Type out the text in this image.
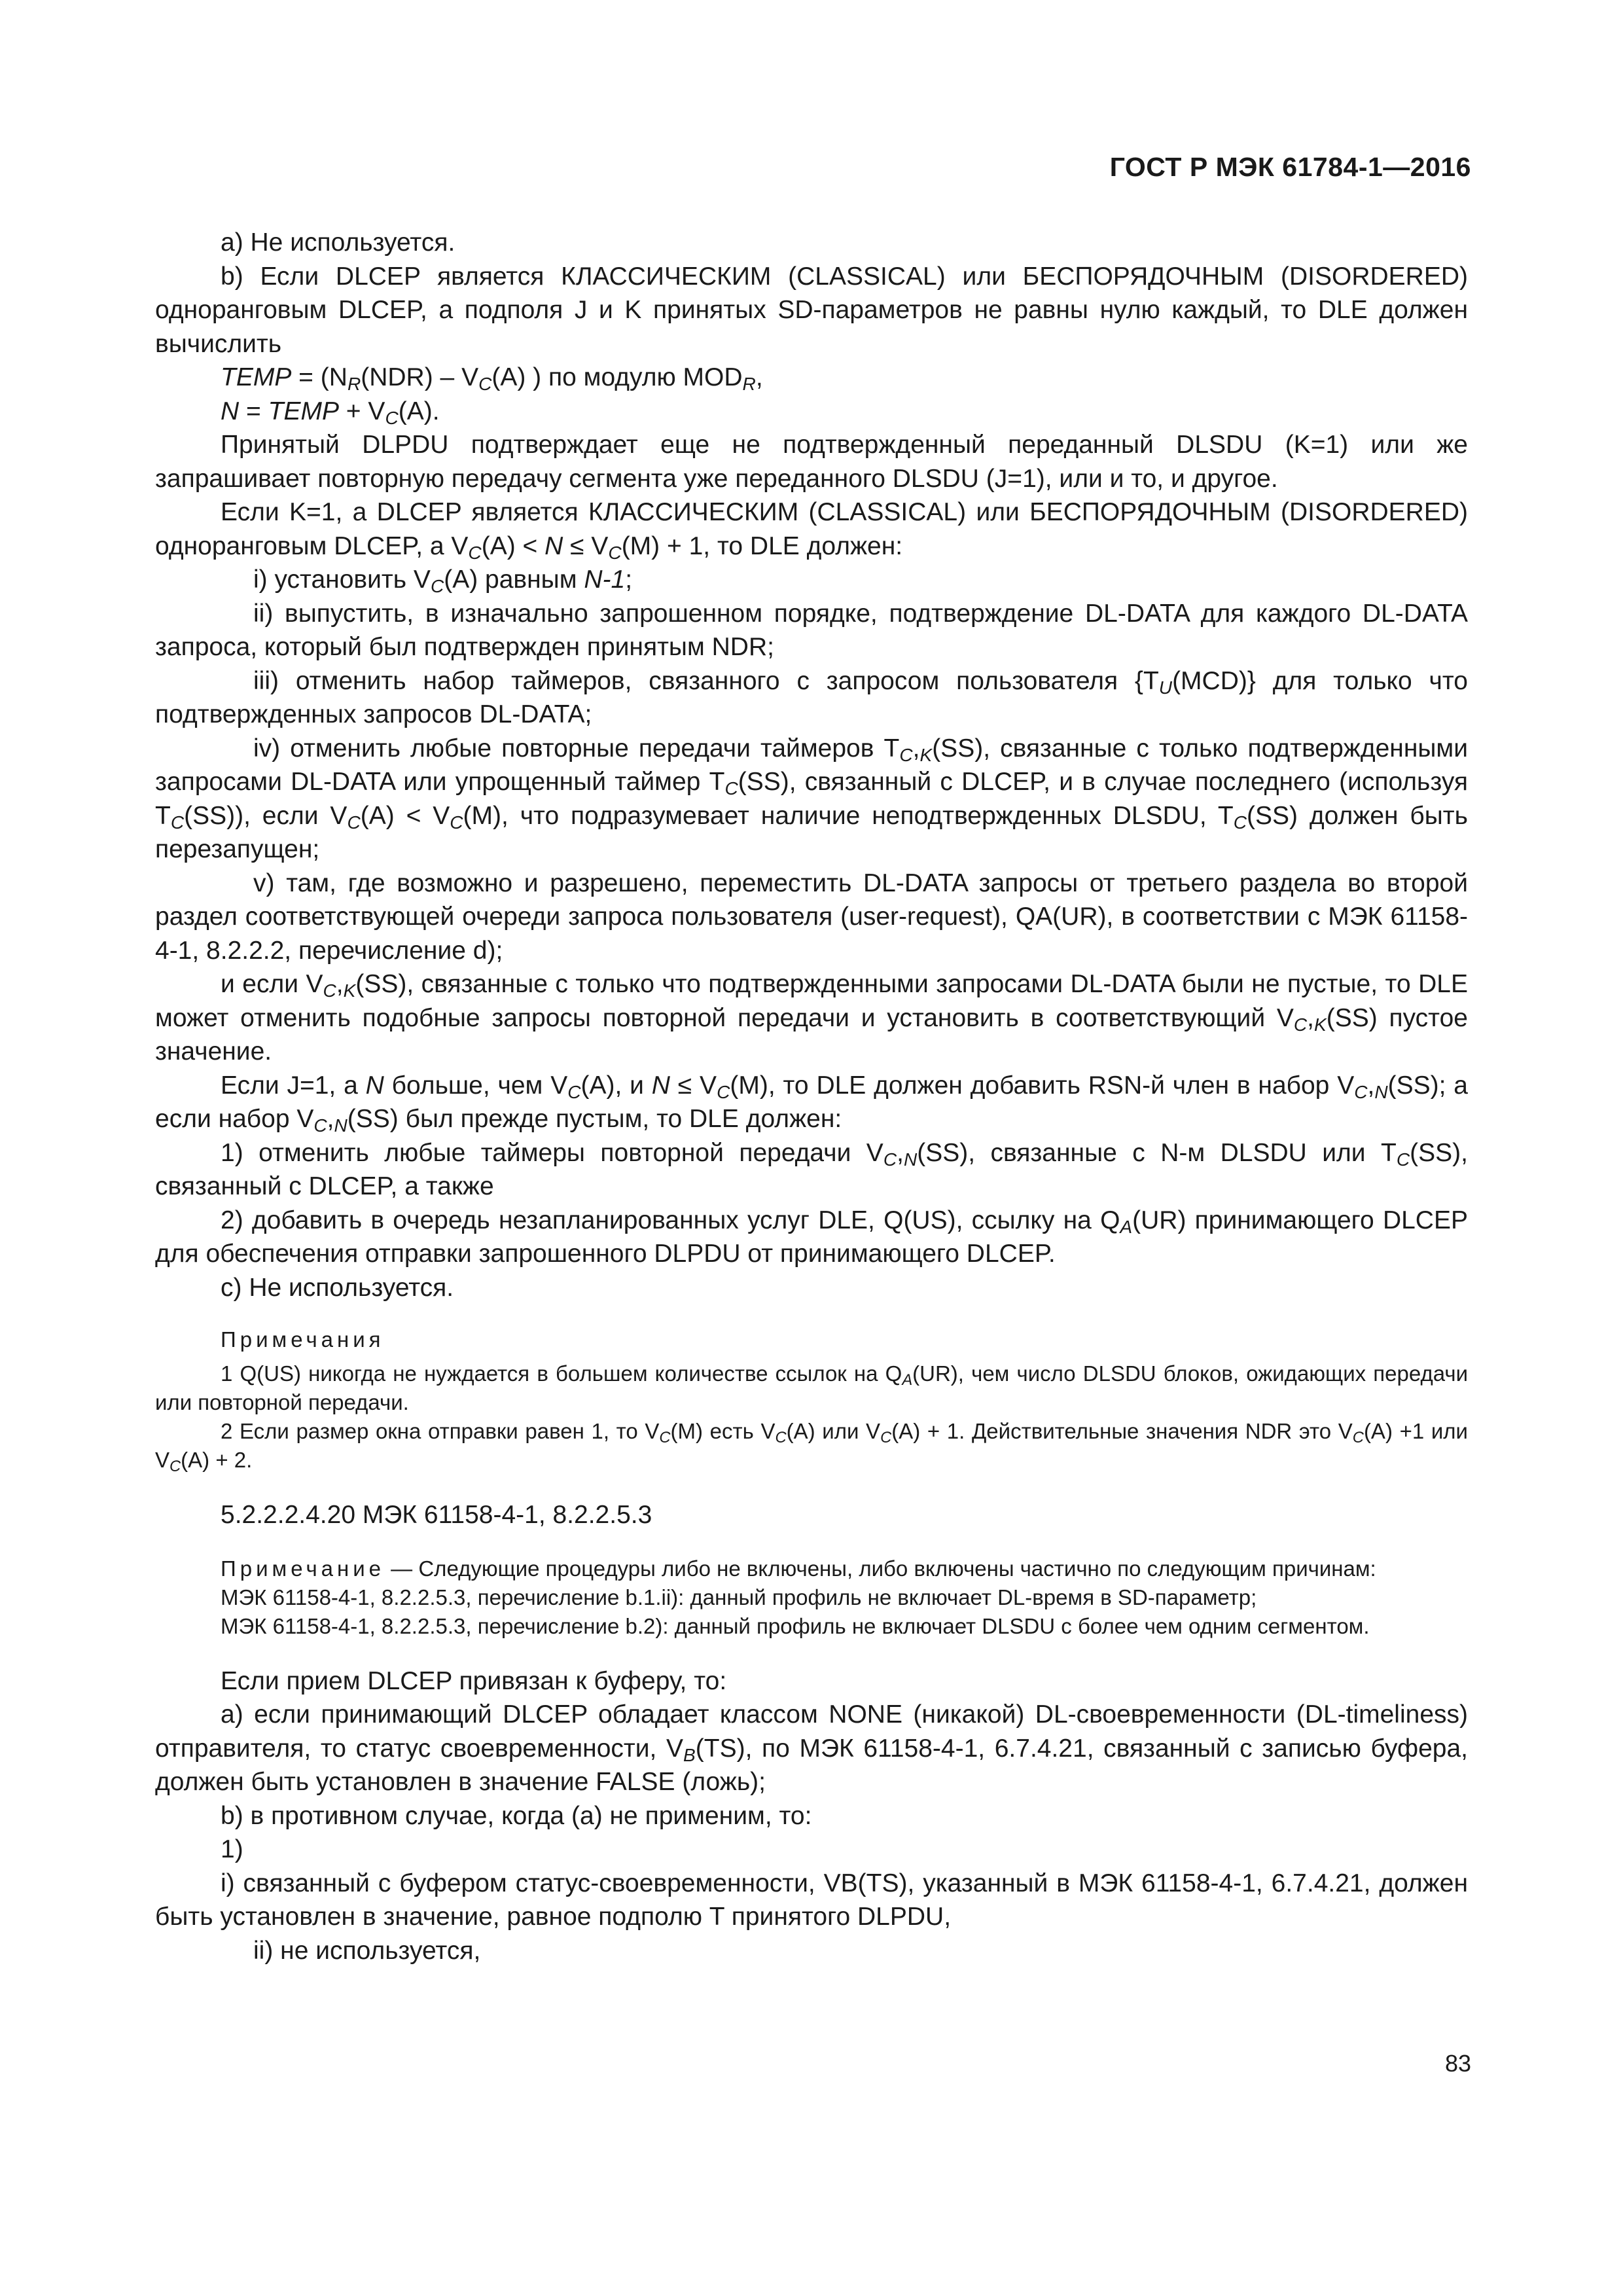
ГОСТ Р МЭК 61784-1—2016

a) Не используется.

b) Если DLCEP является КЛАССИЧЕСКИМ (CLASSICAL) или БЕСПОРЯДОЧНЫМ (DISORDERED) одноранговым DLCEP, а подполя J и K принятых SD-параметров не равны нулю каждый, то DLE должен вычислить

TEMP = ($N_R(NDR) - V_C(A)$ ) по модулю $MOD_R$,

N = TEMP + $V_C(A)$.

Принятый DLPDU подтверждает еще не подтвержденный переданный DLSDU (K=1) или же запрашивает повторную передачу сегмента уже переданного DLSDU (J=1), или и то, и другое.

Если K=1, а DLCEP является КЛАССИЧЕСКИМ (CLASSICAL) или БЕСПОРЯДОЧНЫМ (DISORDERED) одноранговым DLCEP, а $V_C(A) < N \le V_C(M) + 1$, то DLE должен:

i) установить $V_C(A)$ равным N-1;

ii) выпустить, в изначально запрошенном порядке, подтверждение DL-DATA для каждого DL-DATA запроса, который был подтвержден принятым NDR;

iii) отменить набор таймеров, связанного с запросом пользователя $\{T_U(MCD)\}$ для только что подтвержденных запросов DL-DATA;

iv) отменить любые повторные передачи таймеров $T_C,_K(SS)$, связанные с только подтвержденными запросами DL-DATA или упрощенный таймер $T_C(SS)$, связанный с DLCEP, и в случае последнего (используя $T_C(SS)$), если $V_C(A) < V_C(M)$, что подразумевает наличие неподтвержденных DLSDU, $T_C(SS)$ должен быть перезапущен;

v) там, где возможно и разрешено, переместить DL-DATA запросы от третьего раздела во второй раздел соответствующей очереди запроса пользователя (user-request), QA(UR), в соответствии с МЭК 61158-4-1, 8.2.2.2, перечисление d);

и если $V_C,_K(SS)$, связанные с только что подтвержденными запросами DL-DATA были не пустые, то DLE может отменить подобные запросы повторной передачи и установить в соответствующий $V_C,_K(SS)$ пустое значение.

Если J=1, а N больше, чем $V_C(A)$, и $N \le V_C(M)$, то DLE должен добавить RSN-й член в набор $V_C,_N(SS)$; а если набор $V_C,_N(SS)$ был прежде пустым, то DLE должен:

1) отменить любые таймеры повторной передачи $V_C,_N(SS)$, связанные с N-м DLSDU или $T_C(SS)$, связанный с DLCEP, а также

2) добавить в очередь незапланированных услуг DLE, Q(US), ссылку на $Q_A(UR)$ принимающего DLCEP для обеспечения отправки запрошенного DLPDU от принимающего DLCEP.

c) Не используется.

Примечания

1 Q(US) никогда не нуждается в большем количестве ссылок на $Q_A(UR)$, чем число DLSDU блоков, ожидающих передачи или повторной передачи.

2 Если размер окна отправки равен 1, то $V_C(M)$ есть $V_C(A)$ или $V_C(A) + 1$. Действительные значения NDR это $V_C(A) +1$ или $V_C(A) + 2$.

5.2.2.2.4.20 МЭК 61158-4-1, 8.2.2.5.3

Примечание — Следующие процедуры либо не включены, либо включены частично по следующим причинам:

МЭК 61158-4-1, 8.2.2.5.3, перечисление b.1.ii): данный профиль не включает DL-время в SD-параметр;

МЭК 61158-4-1, 8.2.2.5.3, перечисление b.2): данный профиль не включает DLSDU с более чем одним сегментом.

Если прием DLCEP привязан к буферу, то:

a) если принимающий DLCEP обладает классом NONE (никакой) DL-своевременности (DL-timeliness) отправителя, то статус своевременности, $V_B(TS)$, по МЭК 61158-4-1, 6.7.4.21, связанный с записью буфера, должен быть установлен в значение FALSE (ложь);

b) в противном случае, когда (a) не применим, то:

1)

i) связанный с буфером статус-своевременности, VB(TS), указанный в МЭК 61158-4-1, 6.7.4.21, должен быть установлен в значение, равное подполю T принятого DLPDU,

ii) не используется,

83
